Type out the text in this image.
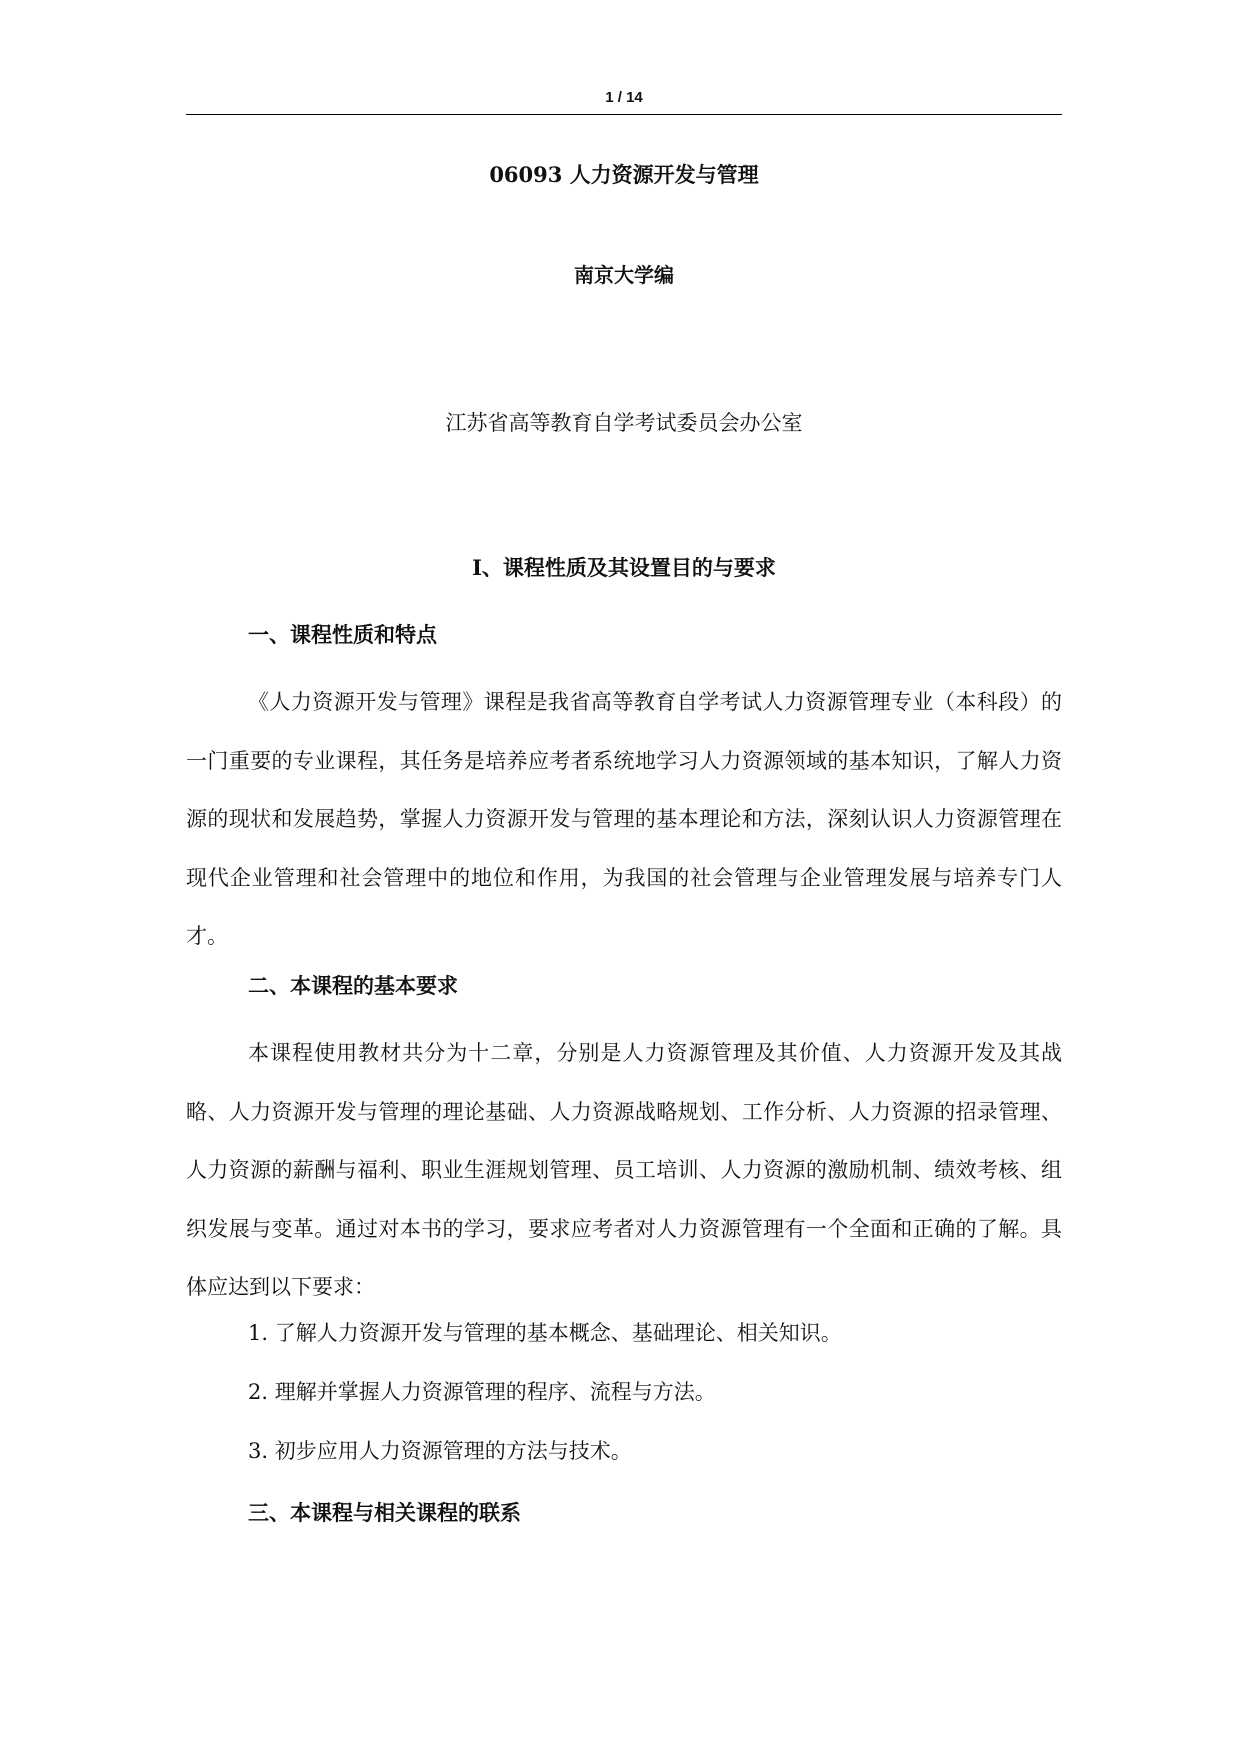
1 / 14
06093 人力资源开发与管理
南京大学编
江苏省高等教育自学考试委员会办公室
Ⅰ、课程性质及其设置目的与要求
一、课程性质和特点

《人力资源开发与管理》课程是我省高等教育自学考试人力资源管理专业（本科段）的一门重要的专业课程，其任务是培养应考者系统地学习人力资源领域的基本知识，了解人力资源的现状和发展趋势，掌握人力资源开发与管理的基本理论和方法，深刻认识人力资源管理在现代企业管理和社会管理中的地位和作用，为我国的社会管理与企业管理发展与培养专门人才。

二、本课程的基本要求

本课程使用教材共分为十二章，分别是人力资源管理及其价值、人力资源开发及其战略、人力资源开发与管理的理论基础、人力资源战略规划、工作分析、人力资源的招录管理、人力资源的薪酬与福利、职业生涯规划管理、员工培训、人力资源的激励机制、绩效考核、组织发展与变革。通过对本书的学习，要求应考者对人力资源管理有一个全面和正确的了解。具体应达到以下要求：

1. 了解人力资源开发与管理的基本概念、基础理论、相关知识。
2. 理解并掌握人力资源管理的程序、流程与方法。
3. 初步应用人力资源管理的方法与技术。
三、本课程与相关课程的联系
